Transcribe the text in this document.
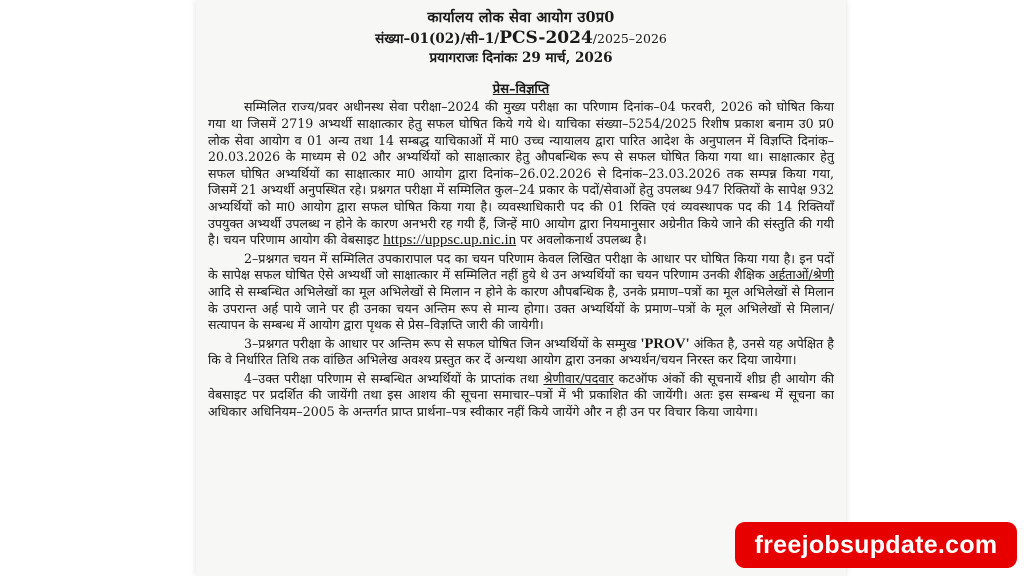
कार्यालय लोक सेवा आयोग उ0प्र0
संख्या–01(02)/सी–1/PCS-2024/2025–2026
प्रयागराजः दिनांकः 29 मार्च, 2026
प्रेस–विज्ञप्ति

सम्मिलित राज्य/प्रवर अधीनस्थ सेवा परीक्षा–2024 की मुख्य परीक्षा का परिणाम दिनांक–04 फरवरी, 2026 को घोषित किया गया था जिसमें 2719 अभ्यर्थी साक्षात्कार हेतु सफल घोषित किये गये थे। याचिका संख्या–5254/2025 रिशीष प्रकाश बनाम उ0 प्र0 लोक सेवा आयोग व 01 अन्य तथा 14 सम्बद्ध याचिकाओं में मा0 उच्च न्यायालय द्वारा पारित आदेश के अनुपालन में विज्ञप्ति दिनांक–20.03.2026 के माध्यम से 02 और अभ्यर्थियों को साक्षात्कार हेतु औपबन्धिक रूप से सफल घोषित किया गया था। साक्षात्कार हेतु सफल घोषित अभ्यर्थियों का साक्षात्कार मा0 आयोग द्वारा दिनांक–26.02.2026 से दिनांक–23.03.2026 तक सम्पन्न किया गया, जिसमें 21 अभ्यर्थी अनुपस्थित रहे। प्रश्नगत परीक्षा में सम्मिलित कुल–24 प्रकार के पदों/सेवाओं हेतु उपलब्ध 947 रिक्तियों के सापेक्ष 932 अभ्यर्थियों को मा0 आयोग द्वारा सफल घोषित किया गया है। व्यवस्थाधिकारी पद की 01 रिक्ति एवं व्यवस्थापक पद की 14 रिक्तियाँ उपयुक्त अभ्यर्थी उपलब्ध न होने के कारण अनभरी रह गयी हैं, जिन्हें मा0 आयोग द्वारा नियमानुसार अग्रेनीत किये जाने की संस्तुति की गयी है। चयन परिणाम आयोग की वेबसाइट https://uppsc.up.nic.in पर अवलोकनार्थ उपलब्ध है।

2–प्रश्नगत चयन में सम्मिलित उपकारापाल पद का चयन परिणाम केवल लिखित परीक्षा के आधार पर घोषित किया गया है। इन पदों के सापेक्ष सफल घोषित ऐसे अभ्यर्थी जो साक्षात्कार में सम्मिलित नहीं हुये थे उन अभ्यर्थियों का चयन परिणाम उनकी शैक्षिक अर्हताओं/श्रेणी आदि से सम्बन्धित अभिलेखों का मूल अभिलेखों से मिलान न होने के कारण औपबन्धिक है, उनके प्रमाण–पत्रों का मूल अभिलेखों से मिलान के उपरान्त अर्ह पाये जाने पर ही उनका चयन अन्तिम रूप से मान्य होगा। उक्त अभ्यर्थियों के प्रमाण–पत्रों के मूल अभिलेखों से मिलान/सत्यापन के सम्बन्ध में आयोग द्वारा पृथक से प्रेस–विज्ञप्ति जारी की जायेगी।

3–प्रश्नगत परीक्षा के आधार पर अन्तिम रूप से सफल घोषित जिन अभ्यर्थियों के सम्मुख 'PROV' अंकित है, उनसे यह अपेक्षित है कि वे निर्धारित तिथि तक वांछित अभिलेख अवश्य प्रस्तुत कर दें अन्यथा आयोग द्वारा उनका अभ्यर्थन/चयन निरस्त कर दिया जायेगा।

4–उक्त परीक्षा परिणाम से सम्बन्धित अभ्यर्थियों के प्राप्तांक तथा श्रेणीवार/पदवार कटऑफ अंकों की सूचनायें शीघ्र ही आयोग की वेबसाइट पर प्रदर्शित की जायेंगी तथा इस आशय की सूचना समाचार–पत्रों में भी प्रकाशित की जायेंगी। अतः इस सम्बन्ध में सूचना का अधिकार अधिनियम–2005 के अन्तर्गत प्राप्त प्रार्थना–पत्र स्वीकार नहीं किये जायेंगे और न ही उन पर विचार किया जायेगा।

freejobsupdate.com
